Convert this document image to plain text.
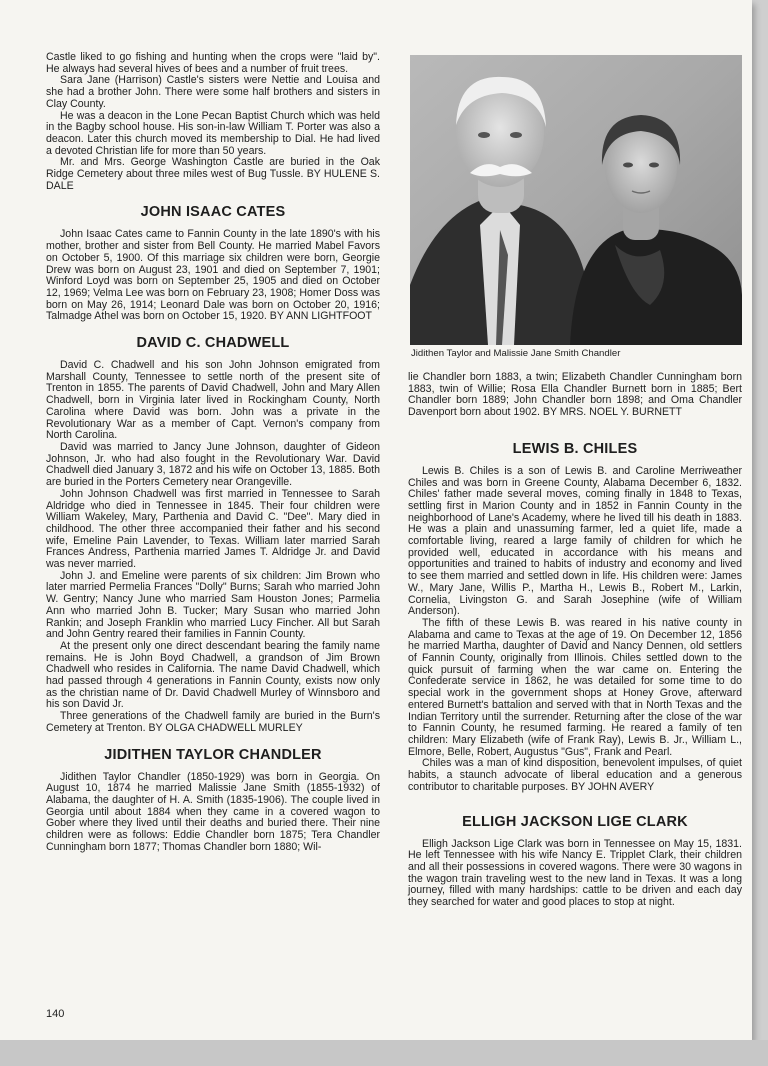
Castle liked to go fishing and hunting when the crops were "laid by". He always had several hives of bees and a number of fruit trees.

Sara Jane (Harrison) Castle's sisters were Nettie and Louisa and she had a brother John. There were some half brothers and sisters in Clay County.

He was a deacon in the Lone Pecan Baptist Church which was held in the Bagby school house. His son-in-law William T. Porter was also a deacon. Later this church moved its membership to Dial. He had lived a devoted Christian life for more than 50 years.

Mr. and Mrs. George Washington Castle are buried in the Oak Ridge Cemetery about three miles west of Bug Tussle. BY HULENE S. DALE

JOHN ISAAC CATES

John Isaac Cates came to Fannin County in the late 1890's with his mother, brother and sister from Bell County. He married Mabel Favors on October 5, 1900. Of this marriage six children were born, Georgie Drew was born on August 23, 1901 and died on September 7, 1901; Winford Loyd was born on September 25, 1905 and died on October 12, 1969; Velma Lee was born on February 23, 1908; Homer Doss was born on May 26, 1914; Leonard Dale was born on October 20, 1916; Talmadge Athel was born on October 15, 1920. BY ANN LIGHTFOOT

DAVID C. CHADWELL

David C. Chadwell and his son John Johnson emigrated from Marshall County, Tennessee to settle north of the present site of Trenton in 1855. The parents of David Chadwell, John and Mary Allen Chadwell, born in Virginia later lived in Rockingham County, North Carolina where David was born. John was a private in the Revolutionary War as a member of Capt. Vernon's company from North Carolina.

David was married to Jancy June Johnson, daughter of Gideon Johnson, Jr. who had also fought in the Revolutionary War. David Chadwell died January 3, 1872 and his wife on October 13, 1885. Both are buried in the Porters Cemetery near Orangeville.

John Johnson Chadwell was first married in Tennessee to Sarah Aldridge who died in Tennessee in 1845. Their four children were William Wakeley, Mary, Parthenia and David C. "Dee". Mary died in childhood. The other three accompanied their father and his second wife, Emeline Pain Lavender, to Texas. William later married Sarah Frances Andress, Parthenia married James T. Aldridge Jr. and David was never married.

John J. and Emeline were parents of six children: Jim Brown who later married Permelia Frances "Dolly" Burns; Sarah who married John W. Gentry; Nancy June who married Sam Houston Jones; Parmelia Ann who married John B. Tucker; Mary Susan who married John Rankin; and Joseph Franklin who married Lucy Fincher. All but Sarah and John Gentry reared their families in Fannin County.

At the present only one direct descendant bearing the family name remains. He is John Boyd Chadwell, a grandson of Jim Brown Chadwell who resides in California. The name David Chadwell, which had passed through 4 generations in Fannin County, exists now only as the christian name of Dr. David Chadwell Murley of Winnsboro and his son David Jr.

Three generations of the Chadwell family are buried in the Burn's Cemetery at Trenton. BY OLGA CHADWELL MURLEY

JIDITHEN TAYLOR CHANDLER

Jidithen Taylor Chandler (1850-1929) was born in Georgia. On August 10, 1874 he married Malissie Jane Smith (1855-1932) of Alabama, the daughter of H. A. Smith (1835-1906). The couple lived in Georgia until about 1884 when they came in a covered wagon to Gober where they lived until their deaths and buried there. Their nine children were as follows: Eddie Chandler born 1875; Tera Chandler Cunningham born 1877; Thomas Chandler born 1880; Wil-

Jidithen Taylor and Malissie Jane Smith Chandler

lie Chandler born 1883, a twin; Elizabeth Chandler Cunningham born 1883, twin of Willie; Rosa Ella Chandler Burnett born in 1885; Bert Chandler born 1889; John Chandler born 1898; and Oma Chandler Davenport born about 1902. BY MRS. NOEL Y. BURNETT

LEWIS B. CHILES

Lewis B. Chiles is a son of Lewis B. and Caroline Merriweather Chiles and was born in Greene County, Alabama December 6, 1832. Chiles' father made several moves, coming finally in 1848 to Texas, settling first in Marion County and in 1852 in Fannin County in the neighborhood of Lane's Academy, where he lived till his death in 1883. He was a plain and unassuming farmer, led a quiet life, made a comfortable living, reared a large family of children for which he provided well, educated in accordance with his means and opportunities and trained to habits of industry and economy and lived to see them married and settled down in life. His children were: James W., Mary Jane, Willis P., Martha H., Lewis B., Robert M., Larkin, Cornelia, Livingston G. and Sarah Josephine (wife of William Anderson).

The fifth of these Lewis B. was reared in his native county in Alabama and came to Texas at the age of 19. On December 12, 1856 he married Martha, daughter of David and Nancy Dennen, old settlers of Fannin County, originally from Illinois. Chiles settled down to the quick pursuit of farming when the war came on. Entering the Confederate service in 1862, he was detailed for some time to do special work in the government shops at Honey Grove, afterward entered Burnett's battalion and served with that in North Texas and the Indian Territory until the surrender. Returning after the close of the war to Fannin County, he resumed farming. He reared a family of ten children: Mary Elizabeth (wife of Frank Ray), Lewis B. Jr., William L., Elmore, Belle, Robert, Augustus "Gus", Frank and Pearl.

Chiles was a man of kind disposition, benevolent impulses, of quiet habits, a staunch advocate of liberal education and a generous contributor to charitable purposes. BY JOHN AVERY

ELLIGH JACKSON LIGE CLARK

Elligh Jackson Lige Clark was born in Tennessee on May 15, 1831. He left Tennessee with his wife Nancy E. Tripplet Clark, their children and all their possessions in covered wagons. There were 30 wagons in the wagon train traveling west to the new land in Texas. It was a long journey, filled with many hardships: cattle to be driven and each day they searched for water and good places to stop at night.

140
